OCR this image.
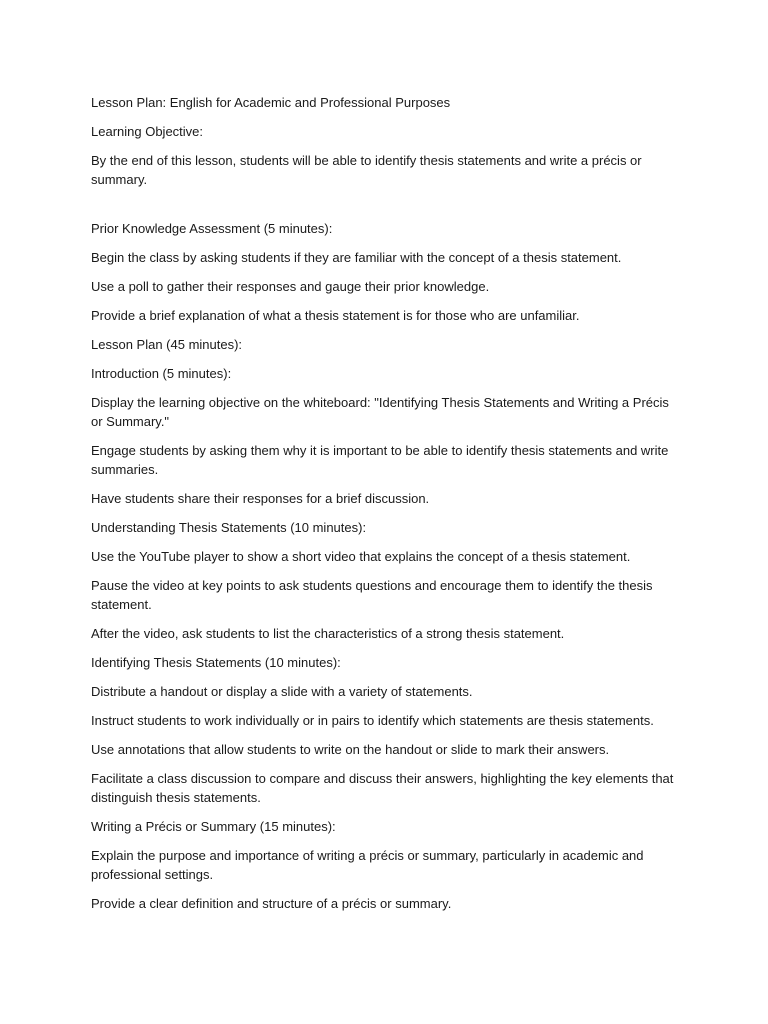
Lesson Plan: English for Academic and Professional Purposes

Learning Objective:

By the end of this lesson, students will be able to identify thesis statements and write a précis or summary.

Prior Knowledge Assessment (5 minutes):

Begin the class by asking students if they are familiar with the concept of a thesis statement.

Use a poll to gather their responses and gauge their prior knowledge.

Provide a brief explanation of what a thesis statement is for those who are unfamiliar.

Lesson Plan (45 minutes):

Introduction (5 minutes):

Display the learning objective on the whiteboard: "Identifying Thesis Statements and Writing a Précis or Summary."

Engage students by asking them why it is important to be able to identify thesis statements and write summaries.

Have students share their responses for a brief discussion.

Understanding Thesis Statements (10 minutes):

Use the YouTube player to show a short video that explains the concept of a thesis statement.

Pause the video at key points to ask students questions and encourage them to identify the thesis statement.

After the video, ask students to list the characteristics of a strong thesis statement.

Identifying Thesis Statements (10 minutes):

Distribute a handout or display a slide with a variety of statements.

Instruct students to work individually or in pairs to identify which statements are thesis statements.

Use annotations that allow students to write on the handout or slide to mark their answers.

Facilitate a class discussion to compare and discuss their answers, highlighting the key elements that distinguish thesis statements.

Writing a Précis or Summary (15 minutes):

Explain the purpose and importance of writing a précis or summary, particularly in academic and professional settings.

Provide a clear definition and structure of a précis or summary.
